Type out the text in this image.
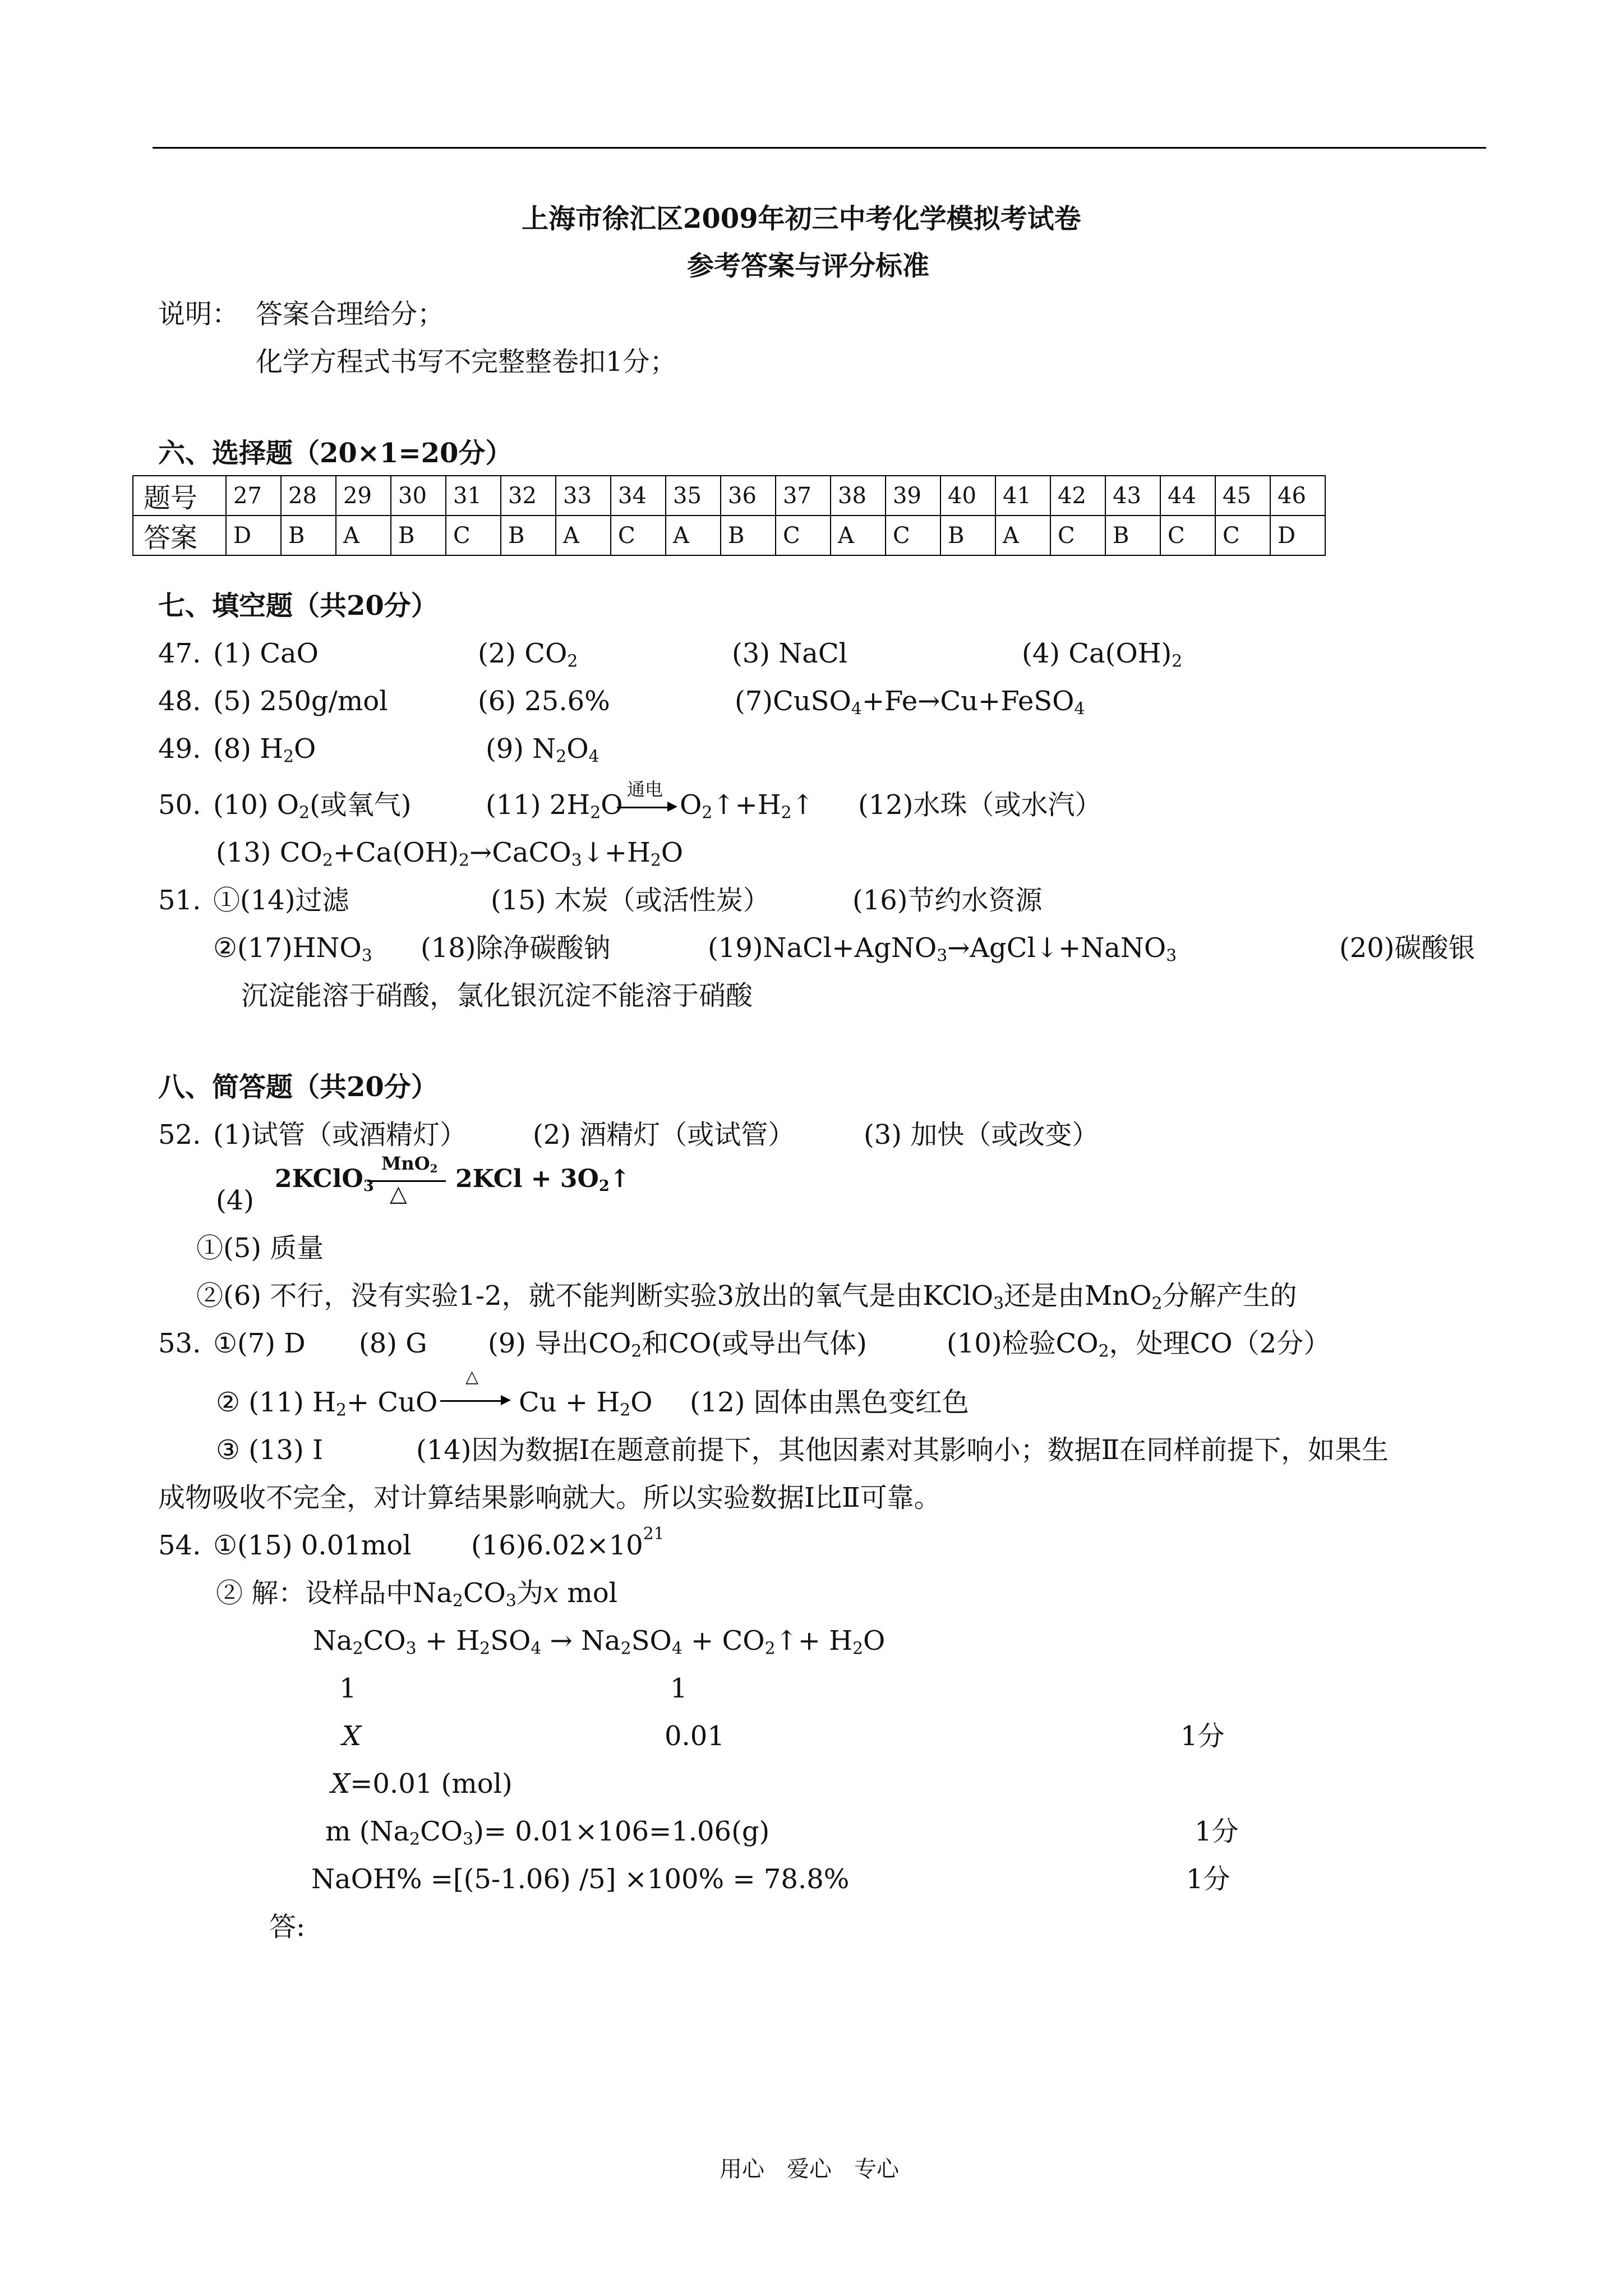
上海市徐汇区2009年初三中考化学模拟考试卷
参考答案与评分标准
说明： 答案合理给分；
化学方程式书写不完整整卷扣1分；
六、选择题（20×1=20分）
题号	27	28	29	30	31	32	33	34	35	36	37	38	39	40	41	42	43	44	45	46
答案	D	B	A	B	C	B	A	C	A	B	C	A	C	B	A	C	B	C	C	D
七、填空题（共20分）
47. (1) CaO	(2) $CO_2$	(3) NaCl	(4) $Ca(OH)_2$
48. (5) 250g/mol	(6) 25.6%	(7)CuSO$_4$+Fe→Cu+FeSO$_4$
49. (8) $H_2O$	(9) $N_2O_4$
50. (10) $O_2$(或氧气)	(11) $2H_2O$ 通电 $O_2↑+H_2↑$ (12)水珠（或水汽）
(13) $CO_2+Ca(OH)_2\to CaCO_3↓+H_2O$
51. ①(14)过滤	(15) 木炭（或活性炭）	(16)节约水资源
$②(17)HNO_3$ (18)除净碳酸钠	(19)NaCl+AgNO$_3$→AgCl↓+NaNO$_3$	(20)碳酸银
沉淀能溶于硝酸，氯化银沉淀不能溶于硝酸
八、简答题（共20分）
52. (1)试管（或酒精灯） (2) 酒精灯（或试管）	(3) 加快（或改变）
(4)
2KClO$_3$
MnO$_2$
△
$2KCl + 3O_2↑$
①(5) 质量
②(6) 不行，没有实验1-2，就不能判断实验3放出的氧气是由KClO$_3$还是由MnO$_2$分解产生的
53. ①(7) D (8) G (9) 导出$CO_2$和CO(或导出气体)	(10)检验$CO_2$，处理CO（2分）
② (11) $H_2+$ CuO
△
$Cu + H_2O$ (12) 固体由黑色变红色
③ (13) I	(14)因为数据Ⅰ在题意前提下，其他因素对其影响小；数据Ⅱ在同样前提下，如果生
成物吸收不完全，对计算结果影响就大。所以实验数据Ⅰ比Ⅱ可靠。
54. ①(15) 0.01mol $(16)6.02\times 10^{21}$
② 解：设样品中$Na_2CO_3$为x mol
$Na_2CO_3 + H_2SO_4 \to Na_2SO_4$ + $CO_2↑+ H_2O$
1	1
X	0.01	1分
X=0.01 (mol)
m $(Na_2CO_3)= 0.01\times 106=1.06(g)$	1分
NaOH% =[(5-1.06) /5] ×100% = 78.8%	1分
答:
用心　爱心　专心
